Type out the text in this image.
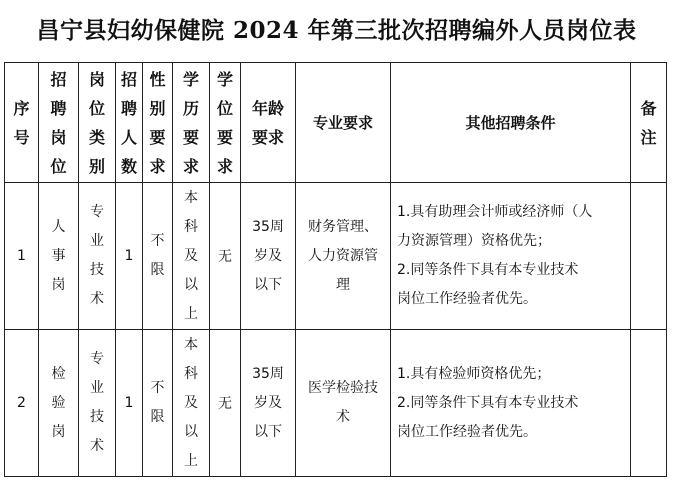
昌宁县妇幼保健院 2024 年第三批次招聘编外人员岗位表
序号	招聘岗位	岗位类别	招聘人数	性别要求	学历要求	学位要求	年龄要求	专业要求	其他招聘条件	备注

1	人事岗	专业技术	1	不限	本科及以上	无	35周
岁及
以下	财务管理、
人力资源管
理	1.具有助理会计师或经济师（人
力资源管理）资格优先；
2.同等条件下具有本专业技术
岗位工作经验者优先。	

2	检验岗	专业技术	1	不限	本科及以上	无	35周
岁及
以下	医学检验技
术	1.具有检验师资格优先；
2.同等条件下具有本专业技术
岗位工作经验者优先。	
